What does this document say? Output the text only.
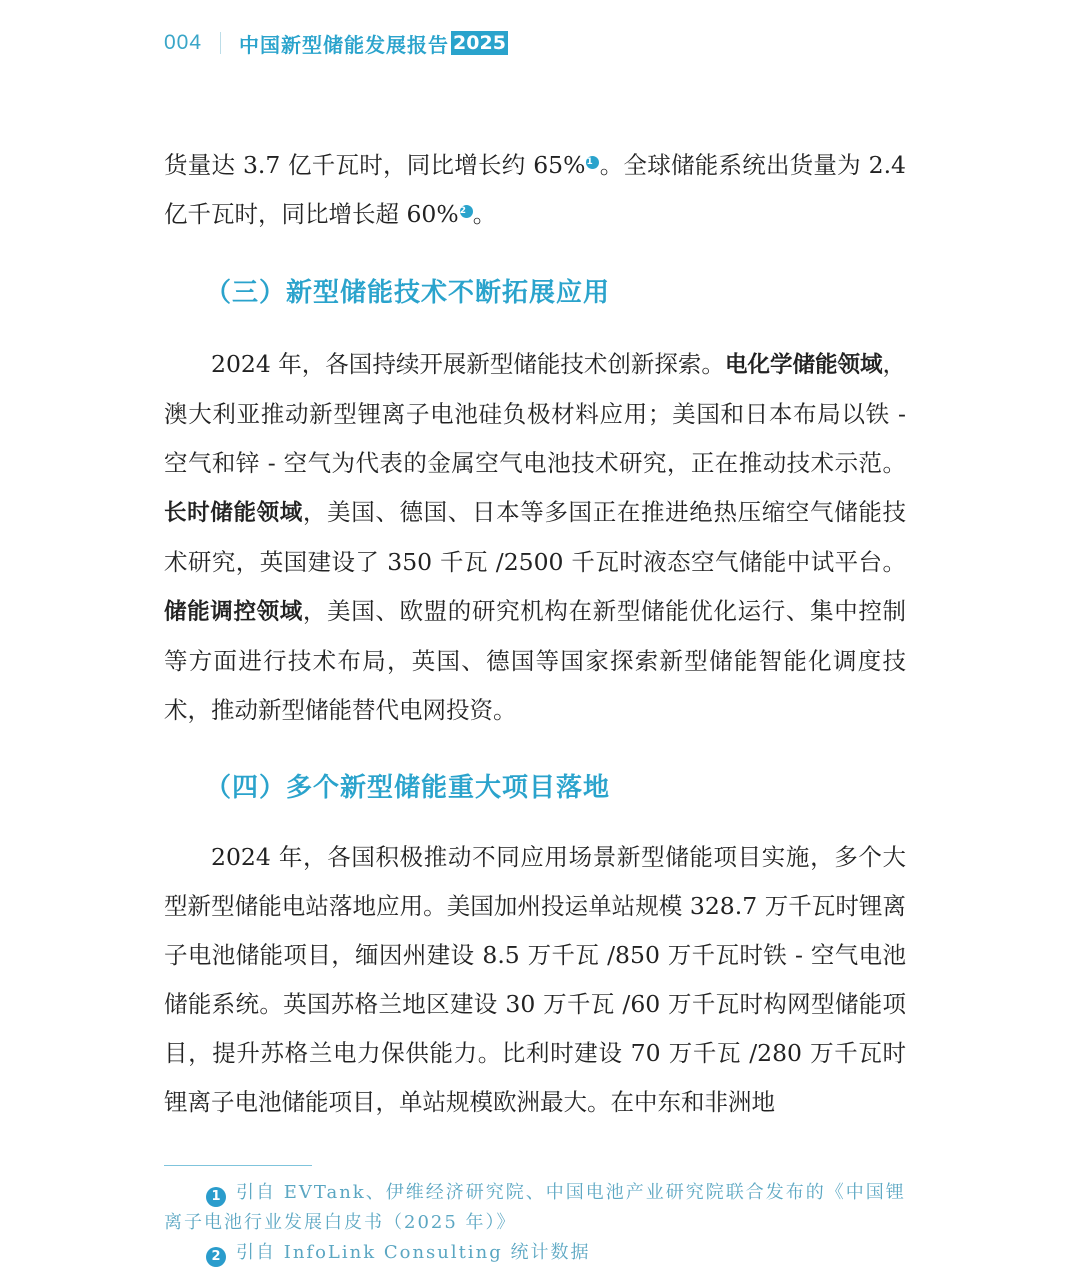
004 中国新型储能发展报告 2025
货量达 3.7 亿千瓦时，同比增长约 65%1 。全球储能系统出货量为 2.4 亿千瓦时，同比增长超 60%2 。
（三）新型储能技术不断拓展应用
2024 年，各国持续开展新型储能技术创新探索。电化学储能领域，澳大利亚推动新型锂离子电池硅负极材料应用；美国和日本布局以铁 - 空气和锌 - 空气为代表的金属空气电池技术研究，正在推动技术示范。长时储能领域，美国、德国、日本等多国正在推进绝热压缩空气储能技术研究，英国建设了 350 千瓦 /2500 千瓦时液态空气储能中试平台。储能调控领域，美国、欧盟的研究机构在新型储能优化运行、集中控制等方面进行技术布局，英国、德国等国家探索新型储能智能化调度技术，推动新型储能替代电网投资。
（四）多个新型储能重大项目落地
2024 年，各国积极推动不同应用场景新型储能项目实施，多个大型新型储能电站落地应用。美国加州投运单站规模 328.7 万千瓦时锂离子电池储能项目，缅因州建设 8.5 万千瓦 /850 万千瓦时铁 - 空气电池储能系统。英国苏格兰地区建设 30 万千瓦 /60 万千瓦时构网型储能项目，提升苏格兰电力保供能力。比利时建设 70 万千瓦 /280 万千瓦时锂离子电池储能项目，单站规模欧洲最大。在中东和非洲地
1 引自 EVTank、伊维经济研究院、中国电池产业研究院联合发布的《中国锂离子电池行业发展白皮书（2025 年）》
2 引自 InfoLink Consulting 统计数据
